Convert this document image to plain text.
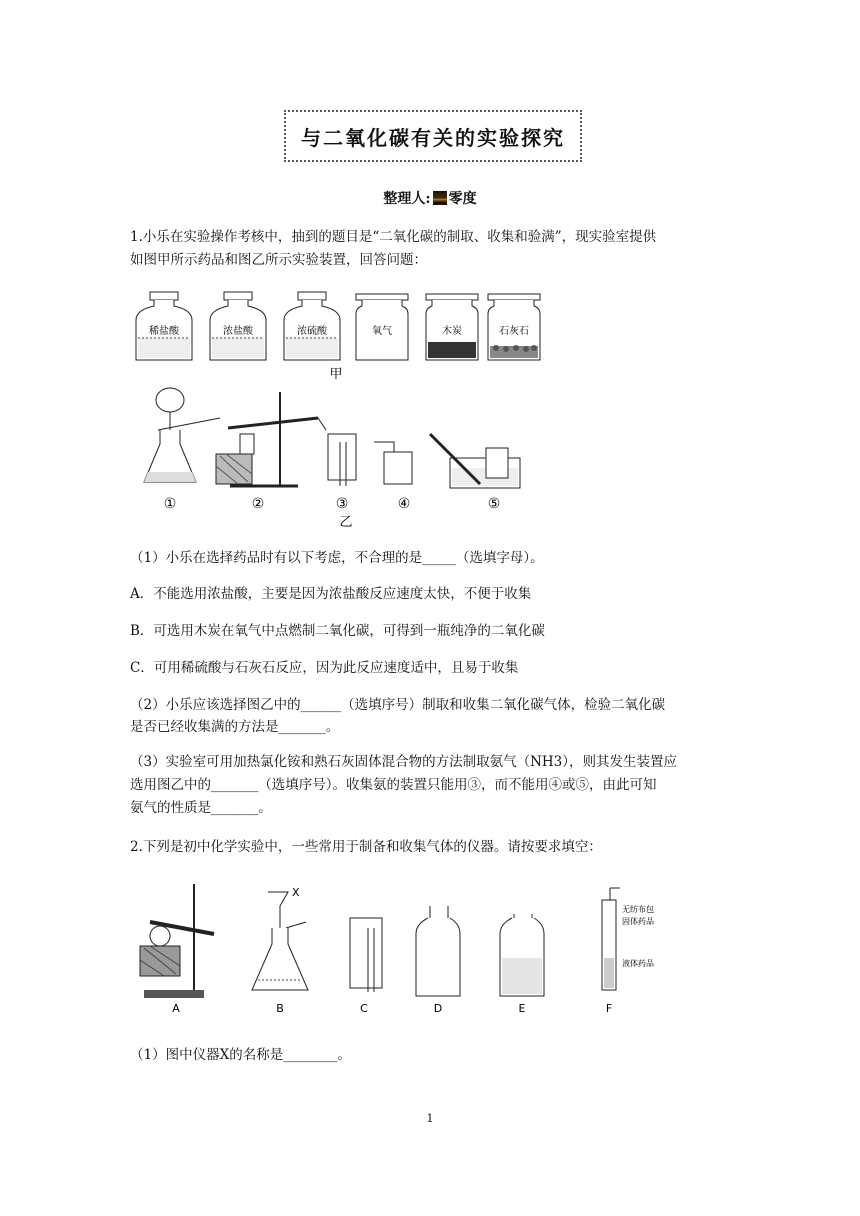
与二氧化碳有关的实验探究
整理人: 零度
1.小乐在实验操作考核中，抽到的题目是“二氧化碳的制取、收集和验满”，现实验室提供
如图甲所示药品和图乙所示实验装置，回答问题：
稀盐酸	浓盐酸	浓硫酸	氧气	木炭	石灰石
甲
①	②	③
乙
④	⑤
（1）小乐在选择药品时有以下考虑，不合理的是_____（选填字母）。
A．不能选用浓盐酸，主要是因为浓盐酸反应速度太快，不便于收集
B．可选用木炭在氧气中点燃制二氧化碳，可得到一瓶纯净的二氧化碳
C．可用稀硫酸与石灰石反应，因为此反应速度适中，且易于收集
（2）小乐应该选择图乙中的______（选填序号）制取和收集二氧化碳气体，检验二氧化碳
是否已经收集满的方法是_______。
（3）实验室可用加热氯化铵和熟石灰固体混合物的方法制取氨气（NH3），则其发生装置应
选用图乙中的_______（选填序号）。收集氨的装置只能用③，而不能用④或⑤，由此可知
氨气的性质是_______。
2.下列是初中化学实验中，一些常用于制备和收集气体的仪器。请按要求填空：
A
X
B	C	D	E
无纺布包
固体药品
液体药品
F
（1）图中仪器X的名称是________。
1
